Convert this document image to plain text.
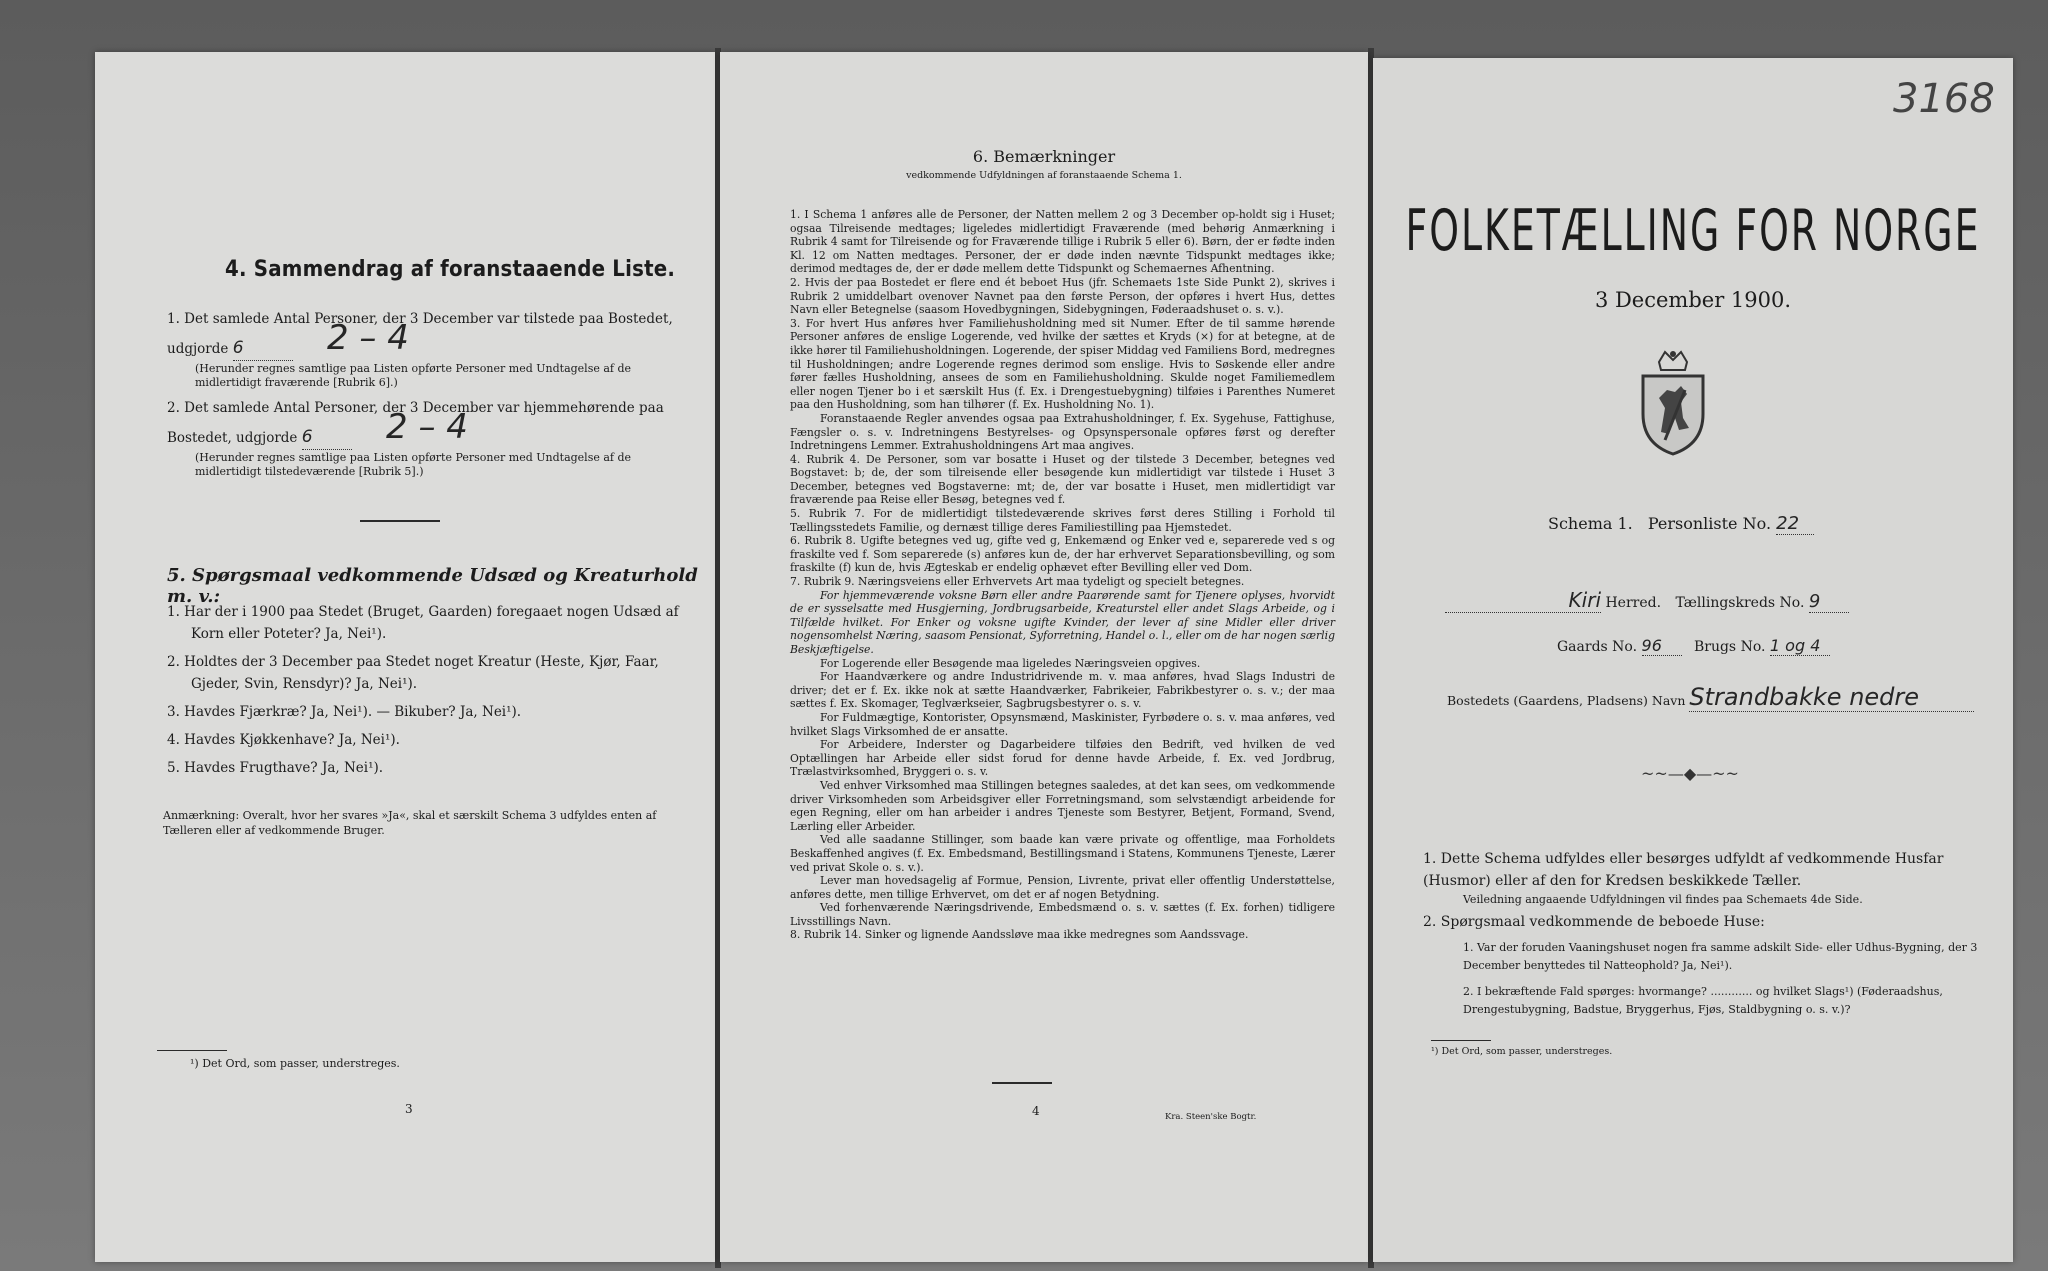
4. Sammendrag af foranstaaende Liste.
1. Det samlede Antal Personer, der 3 December var tilstede paa Bostedet,
udgjorde 6 2 – 4
(Herunder regnes samtlige paa Listen opførte Personer med Undtagelse af de midlertidigt fraværende [Rubrik 6].)
2. Det samlede Antal Personer, der 3 December var hjemmehørende paa
Bostedet, udgjorde 6 2 – 4
(Herunder regnes samtlige paa Listen opførte Personer med Undtagelse af de midlertidigt tilstedeværende [Rubrik 5].)
5. Spørgsmaal vedkommende Udsæd og Kreaturhold m. v.:
1. Har der i 1900 paa Stedet (Bruget, Gaarden) foregaaet nogen Udsæd af
Korn eller Poteter? Ja, Nei¹).
2. Holdtes der 3 December paa Stedet noget Kreatur (Heste, Kjør, Faar,
Gjeder, Svin, Rensdyr)? Ja, Nei¹).
3. Havdes Fjærkræ? Ja, Nei¹). — Bikuber? Ja, Nei¹).
4. Havdes Kjøkkenhave? Ja, Nei¹).
5. Havdes Frugthave? Ja, Nei¹).
Anmærkning: Overalt, hvor her svares »Ja«, skal et særskilt Schema 3 udfyldes enten af Tælleren eller af vedkommende Bruger.
¹) Det Ord, som passer, understreges.
3
6. Bemærkninger
vedkommende Udfyldningen af foranstaaende Schema 1.
1. I Schema 1 anføres alle de Personer, der Natten mellem 2 og 3 December op-holdt sig i Huset; ogsaa Tilreisende medtages; ligeledes midlertidigt Fraværende (med behørig Anmærkning i Rubrik 4 samt for Tilreisende og for Fraværende tillige i Rubrik 5 eller 6). Børn, der er fødte inden Kl. 12 om Natten medtages. Personer, der er døde inden nævnte Tidspunkt medtages ikke; derimod medtages de, der er døde mellem dette Tidspunkt og Schemaernes Afhentning.
2. Hvis der paa Bostedet er flere end ét beboet Hus (jfr. Schemaets 1ste Side Punkt 2), skrives i Rubrik 2 umiddelbart ovenover Navnet paa den første Person, der opføres i hvert Hus, dettes Navn eller Betegnelse (saasom Hovedbygningen, Sidebygningen, Føderaadshuset o. s. v.).
3. For hvert Hus anføres hver Familiehusholdning med sit Numer. Efter de til samme hørende Personer anføres de enslige Logerende, ved hvilke der sættes et Kryds (×) for at betegne, at de ikke hører til Familiehusholdningen. Logerende, der spiser Middag ved Familiens Bord, medregnes til Husholdningen; andre Logerende regnes derimod som enslige. Hvis to Søskende eller andre fører fælles Husholdning, ansees de som en Familiehusholdning. Skulde noget Familiemedlem eller nogen Tjener bo i et særskilt Hus (f. Ex. i Drengestuebygning) tilføies i Parenthes Numeret paa den Husholdning, som han tilhører (f. Ex. Husholdning No. 1).
Foranstaaende Regler anvendes ogsaa paa Extrahusholdninger, f. Ex. Sygehuse, Fattighuse, Fængsler o. s. v. Indretningens Bestyrelses- og Opsynspersonale opføres først og derefter Indretningens Lemmer. Extrahusholdningens Art maa angives.
4. Rubrik 4. De Personer, som var bosatte i Huset og der tilstede 3 December, betegnes ved Bogstavet: b; de, der som tilreisende eller besøgende kun midlertidigt var tilstede i Huset 3 December, betegnes ved Bogstaverne: mt; de, der var bosatte i Huset, men midlertidigt var fraværende paa Reise eller Besøg, betegnes ved f.
5. Rubrik 7. For de midlertidigt tilstedeværende skrives først deres Stilling i Forhold til Tællingsstedets Familie, og dernæst tillige deres Familiestilling paa Hjemstedet.
6. Rubrik 8. Ugifte betegnes ved ug, gifte ved g, Enkemænd og Enker ved e, separerede ved s og fraskilte ved f. Som separerede (s) anføres kun de, der har erhvervet Separationsbevilling, og som fraskilte (f) kun de, hvis Ægteskab er endelig ophævet efter Bevilling eller ved Dom.
7. Rubrik 9. Næringsveiens eller Erhvervets Art maa tydeligt og specielt betegnes.
For hjemmeværende voksne Børn eller andre Paarørende samt for Tjenere oplyses, hvorvidt de er sysselsatte med Husgjerning, Jordbrugsarbeide, Kreaturstel eller andet Slags Arbeide, og i Tilfælde hvilket. For Enker og voksne ugifte Kvinder, der lever af sine Midler eller driver nogensomhelst Næring, saasom Pensionat, Syforretning, Handel o. l., eller om de har nogen særlig Beskjæftigelse.
For Logerende eller Besøgende maa ligeledes Næringsveien opgives.
For Haandværkere og andre Industridrivende m. v. maa anføres, hvad Slags Industri de driver; det er f. Ex. ikke nok at sætte Haandværker, Fabrikeier, Fabrikbestyrer o. s. v.; der maa sættes f. Ex. Skomager, Teglværkseier, Sagbrugsbestyrer o. s. v.
For Fuldmægtige, Kontorister, Opsynsmænd, Maskinister, Fyrbødere o. s. v. maa anføres, ved hvilket Slags Virksomhed de er ansatte.
For Arbeidere, Inderster og Dagarbeidere tilføies den Bedrift, ved hvilken de ved Optællingen har Arbeide eller sidst forud for denne havde Arbeide, f. Ex. ved Jordbrug, Trælastvirksomhed, Bryggeri o. s. v.
Ved enhver Virksomhed maa Stillingen betegnes saaledes, at det kan sees, om vedkommende driver Virksomheden som Arbeidsgiver eller Forretningsmand, som selvstændigt arbeidende for egen Regning, eller om han arbeider i andres Tjeneste som Bestyrer, Betjent, Formand, Svend, Lærling eller Arbeider.
Ved alle saadanne Stillinger, som baade kan være private og offentlige, maa Forholdets Beskaffenhed angives (f. Ex. Embedsmand, Bestillingsmand i Statens, Kommunens Tjeneste, Lærer ved privat Skole o. s. v.).
Lever man hovedsagelig af Formue, Pension, Livrente, privat eller offentlig Understøttelse, anføres dette, men tillige Erhvervet, om det er af nogen Betydning.
Ved forhenværende Næringsdrivende, Embedsmænd o. s. v. sættes (f. Ex. forhen) tidligere Livsstillings Navn.
8. Rubrik 14. Sinker og lignende Aandssløve maa ikke medregnes som Aandssvage.
4	Kra. Steen'ske Bogtr.
3168
FOLKETÆLLING FOR NORGE
3 December 1900.
Schema 1. Personliste No. 22
Kiri Herred. Tællingskreds No. 9
Gaards No. 96 Brugs No. 1 og 4
Bostedets (Gaardens, Pladsens) Navn Strandbakke nedre
~~—◆—~~
1. Dette Schema udfyldes eller besørges udfyldt af vedkommende Husfar (Husmor) eller af den for Kredsen beskikkede Tæller.
Veiledning angaaende Udfyldningen vil findes paa Schemaets 4de Side.
2. Spørgsmaal vedkommende de beboede Huse:
1. Var der foruden Vaaningshuset nogen fra samme adskilt Side- eller Udhus-Bygning, der 3 December benyttedes til Natteophold? Ja, Nei¹).
2. I bekræftende Fald spørges: hvormange? ............ og hvilket Slags¹) (Føderaadshus, Drengestubygning, Badstue, Bryggerhus, Fjøs, Staldbygning o. s. v.)?
¹) Det Ord, som passer, understreges.
